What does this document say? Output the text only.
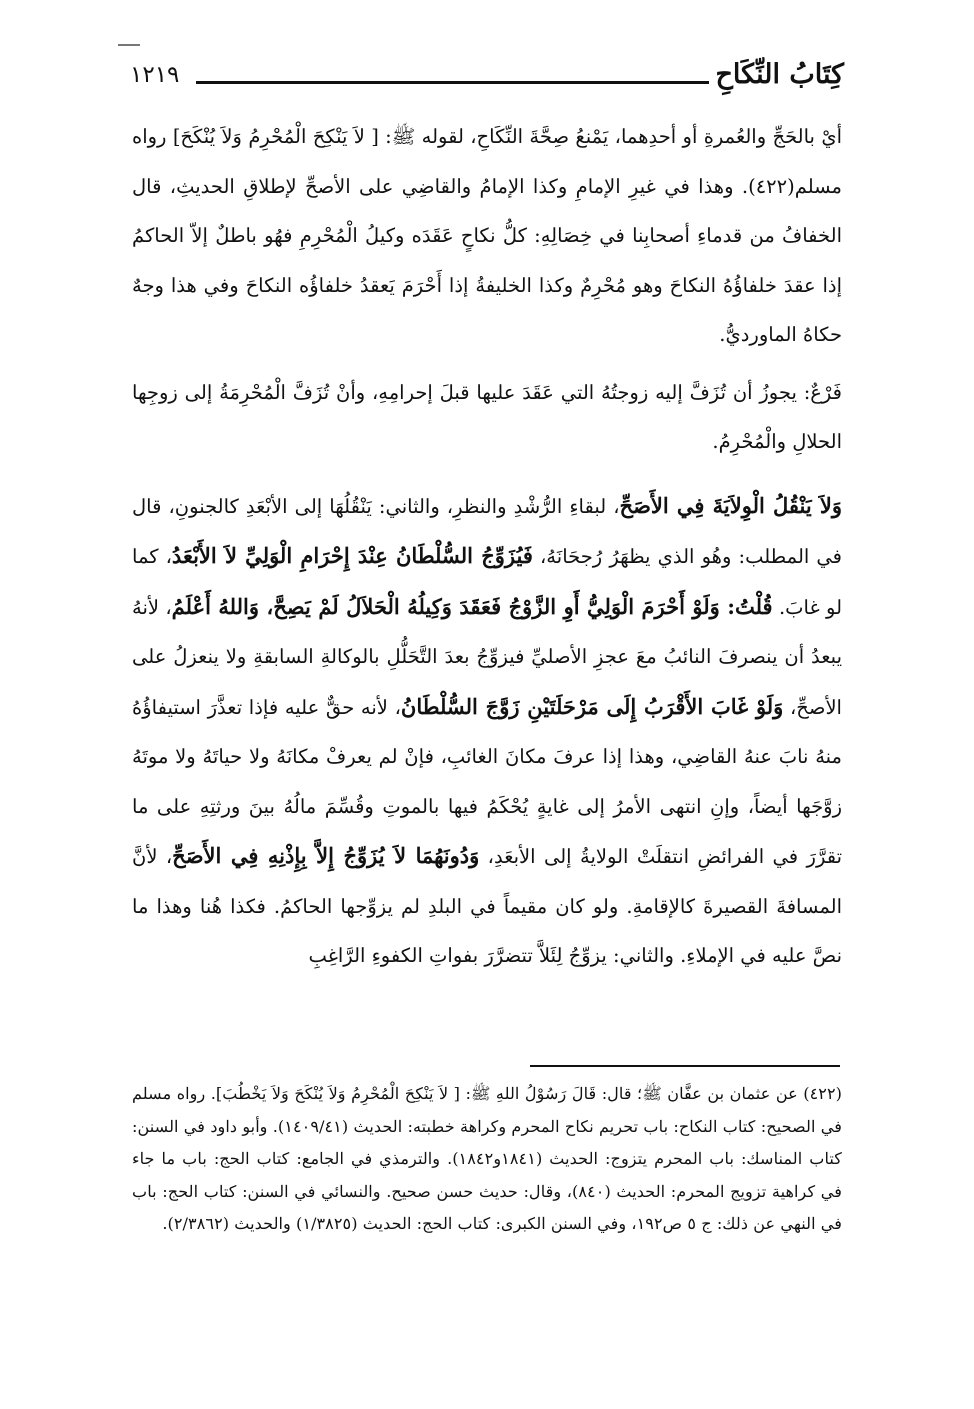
كِتَابُ النِّكَاحِ
١٢١٩

أيْ بالحَجِّ والعُمرةِ أو أحدِهما، يَمْنعُ صِحَّةَ النِّكَاحِ، لقوله ﷺ: [ لاَ يَنْكِحَ الْمُحْرِمُ وَلاَ يُنْكَحَ] رواه مسلم(٤٢٢). وهذا في غيرِ الإمامِ وكذا الإمامُ والقاضِي على الأصحِّ لإطلاقِ الحديثِ، قال الخفافُ من قدماءِ أصحابِنا في خِصَالِهِ: كلُّ نكاحٍ عَقَدَه وكيلُ الْمُحْرِمِ فهُو باطلٌ إلاّ الحاكمُ إذا عقدَ خلفاؤُهُ النكاحَ وهو مُحْرِمٌ وكذا الخليفةُ إذا أَحْرَمَ يَعقدُ خلفاؤُه النكاحَ وفي هذا وجهٌ حكاهُ الماورديُّ.

فَرْعٌ: يجوزُ أن تُزَفَّ إليه زوجتُهُ التي عَقَدَ عليها قبلَ إحرامِهِ، وأنْ تُزَفَّ الْمُحْرِمَةُ إلى زوجِها الحلالِ والْمُحْرِمُ.

وَلاَ يَنْقُلُ الْوِلاَيَةَ فِي الأَصَحِّ، لبقاءِ الرُّشْدِ والنظرِ، والثاني: يَنْقُلُهَا إلى الأبْعَدِ كالجنونِ، قال في المطلب: وهُو الذي يظهَرُ رُجحَانَهُ، فَيُزَوِّجُ السُّلْطَانُ عِنْدَ إِحْرَامِ الْوَلِيِّ لاَ الأَبْعَدُ، كما لو غابَ. قُلْتُ: وَلَوْ أَحْرَمَ الْوَلِيُّ أَوِ الزَّوْجُ فَعَقَدَ وَكِيلُهُ الْحَلاَلُ لَمْ يَصِحَّ، وَاللهُ أَعْلَمُ، لأنهُ يبعدُ أن ينصرفَ النائبُ معَ عجزِ الأصليِّ فيزوِّجُ بعدَ التَّحَلُّلِ بالوكالةِ السابقةِ ولا ينعزلُ على الأصحِّ، وَلَوْ غَابَ الأَقْرَبُ إِلَى مَرْحَلَتَيْنِ زَوَّجَ السُّلْطَانُ، لأنه حقٌّ عليه فإذا تعذَّرَ استيفاؤُهُ منهُ نابَ عنهُ القاضِي، وهذا إذا عرفَ مكانَ الغائبِ، فإنْ لم يعرفْ مكانَهُ ولا حياتَهُ ولا موتَهُ زوَّجَها أيضاً، وإنِ انتهى الأمرُ إلى غايةٍ يُحْكَمُ فيها بالموتِ وقُسِّمَ مالُهُ بينَ ورثتِهِ على ما تقرَّرَ في الفرائضِ انتقلَتْ الولايةُ إلى الأبعَدِ، وَدُونَهُمَا لاَ يُزَوِّجُ إِلاَّ بِإِذْنِهِ فِي الأَصَحِّ، لأنَّ المسافةَ القصيرةَ كالإقامةِ. ولو كان مقيماً في البلدِ لم يزوِّجها الحاكمُ. فكذا هُنا وهذا ما نصَّ عليه في الإملاءِ. والثاني: يزوِّجُ لِئَلاَّ تتضرَّرَ بفواتِ الكفوءِ الرَّاغِبِ

(٤٢٢) عن عثمان بن عفَّان ﷺ؛ قال: قَالَ رَسُوْلُ اللهِ ﷺ: [ لاَ يَنْكِحَ الْمُحْرِمُ وَلاَ يُنْكَحَ وَلاَ يَخْطُبَ]. رواه مسلم في الصحيح: كتاب النكاح: باب تحريم نكاح المحرم وكراهة خطبته: الحديث (١٤٠٩/٤١). وأبو داود في السنن: كتاب المناسك: باب المحرم يتزوج: الحديث (١٨٤١و١٨٤٢). والترمذي في الجامع: كتاب الحج: باب ما جاء في كراهية تزويج المحرم: الحديث (٨٤٠)، وقال: حديث حسن صحيح. والنسائي في السنن: كتاب الحج: باب في النهي عن ذلك: ج ٥ ص١٩٢، وفي السنن الكبرى: كتاب الحج: الحديث (١/٣٨٢٥) والحديث (٢/٣٨٦٢).
